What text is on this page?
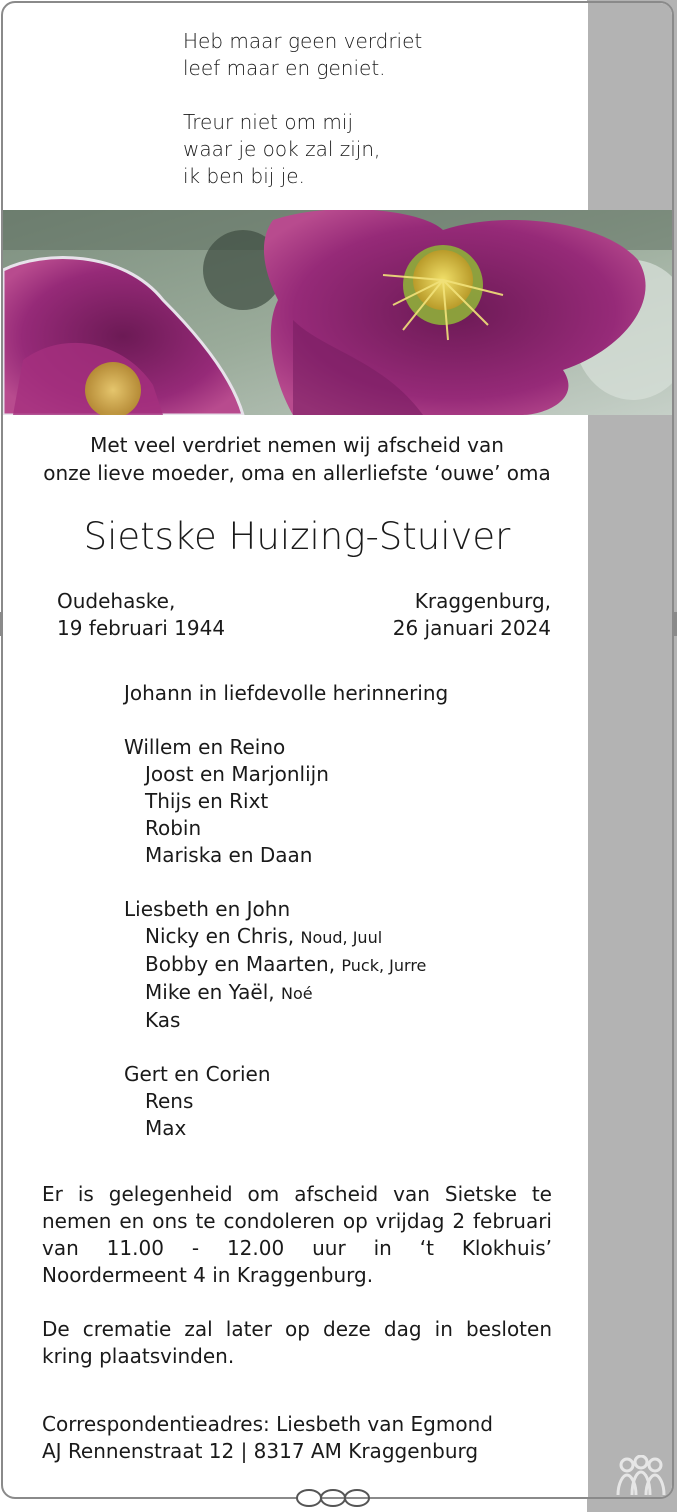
Heb maar geen verdriet
leef maar en geniet.

Treur niet om mij
waar je ook zal zijn,
ik ben bij je.

Met veel verdriet nemen wij afscheid van
onze lieve moeder, oma en allerliefste ‘ouwe’ oma
Sietske Huizing-Stuiver
Oudehaske,
19 februari 1944
Kraggenburg,
26 januari 2024
Johann in liefdevolle herinnering
Willem en Reino
Joost en Marjonlijn
Thijs en Rixt
Robin
Mariska en Daan
Liesbeth en John
Nicky en Chris, Noud, Juul
Bobby en Maarten, Puck, Jurre
Mike en Yaël, Noé
Kas
Gert en Corien
Rens
Max
Er is gelegenheid om afscheid van Sietske te nemen en ons te condoleren op vrijdag 2 februari van 11.00 - 12.00 uur in ‘t Klokhuis’ Noordermeent 4 in Kraggenburg.
De crematie zal later op deze dag in besloten kring plaatsvinden.
Correspondentieadres: Liesbeth van Egmond
AJ Rennenstraat 12 | 8317 AM Kraggenburg
